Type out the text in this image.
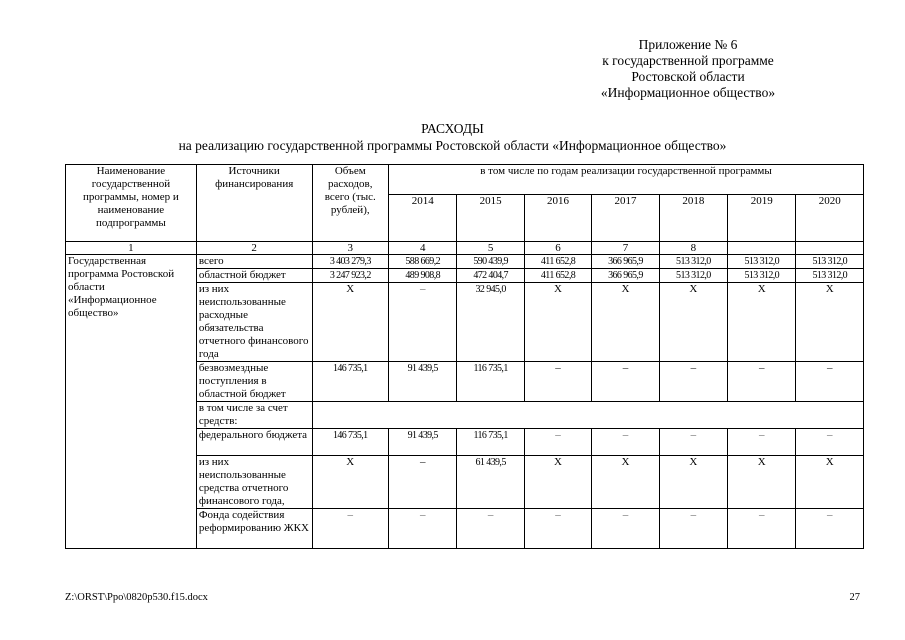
Приложение № 6
к государственной программе
Ростовской области
«Информационное общество»
РАСХОДЫ
на реализацию государственной программы Ростовской области «Информационное общество»
Наименование государственной программы, номер и наименование подпрограммы	Источники финансирования	Объем расходов, всего (тыс. рублей),	в том числе по годам реализации государственной программы						
			2014	2015	2016	2017	2018	2019	2020
1	2	3	4	5	6	7	8		
Государственная программа Ростовской области «Информационное общество»	всего	3 403 279,3	588 669,2	590 439,9	411 652,8	366 965,9	513 312,0	513 312,0	513 312,0
	областной бюджет	3 247 923,2	489 908,8	472 404,7	411 652,8	366 965,9	513 312,0	513 312,0	513 312,0
	из них неиспользованные расходные обязательства отчетного финансового года	X	–	32 945,0	X	X	X	X	X
	безвозмездные поступления в областной бюджет	146 735,1	91 439,5	116 735,1	–	–	–	–	–
	в том числе за счет средств:								
	федерального бюджета	146 735,1	91 439,5	116 735,1	–	–	–	–	–
	из них неиспользованные средства отчетного финансового года,	X	–	61 439,5	X	X	X	X	X
	Фонда содействия реформированию ЖКХ	–	–	–	–	–	–	–	–
Z:\ORST\Ppo\0820p530.f15.docx	27
